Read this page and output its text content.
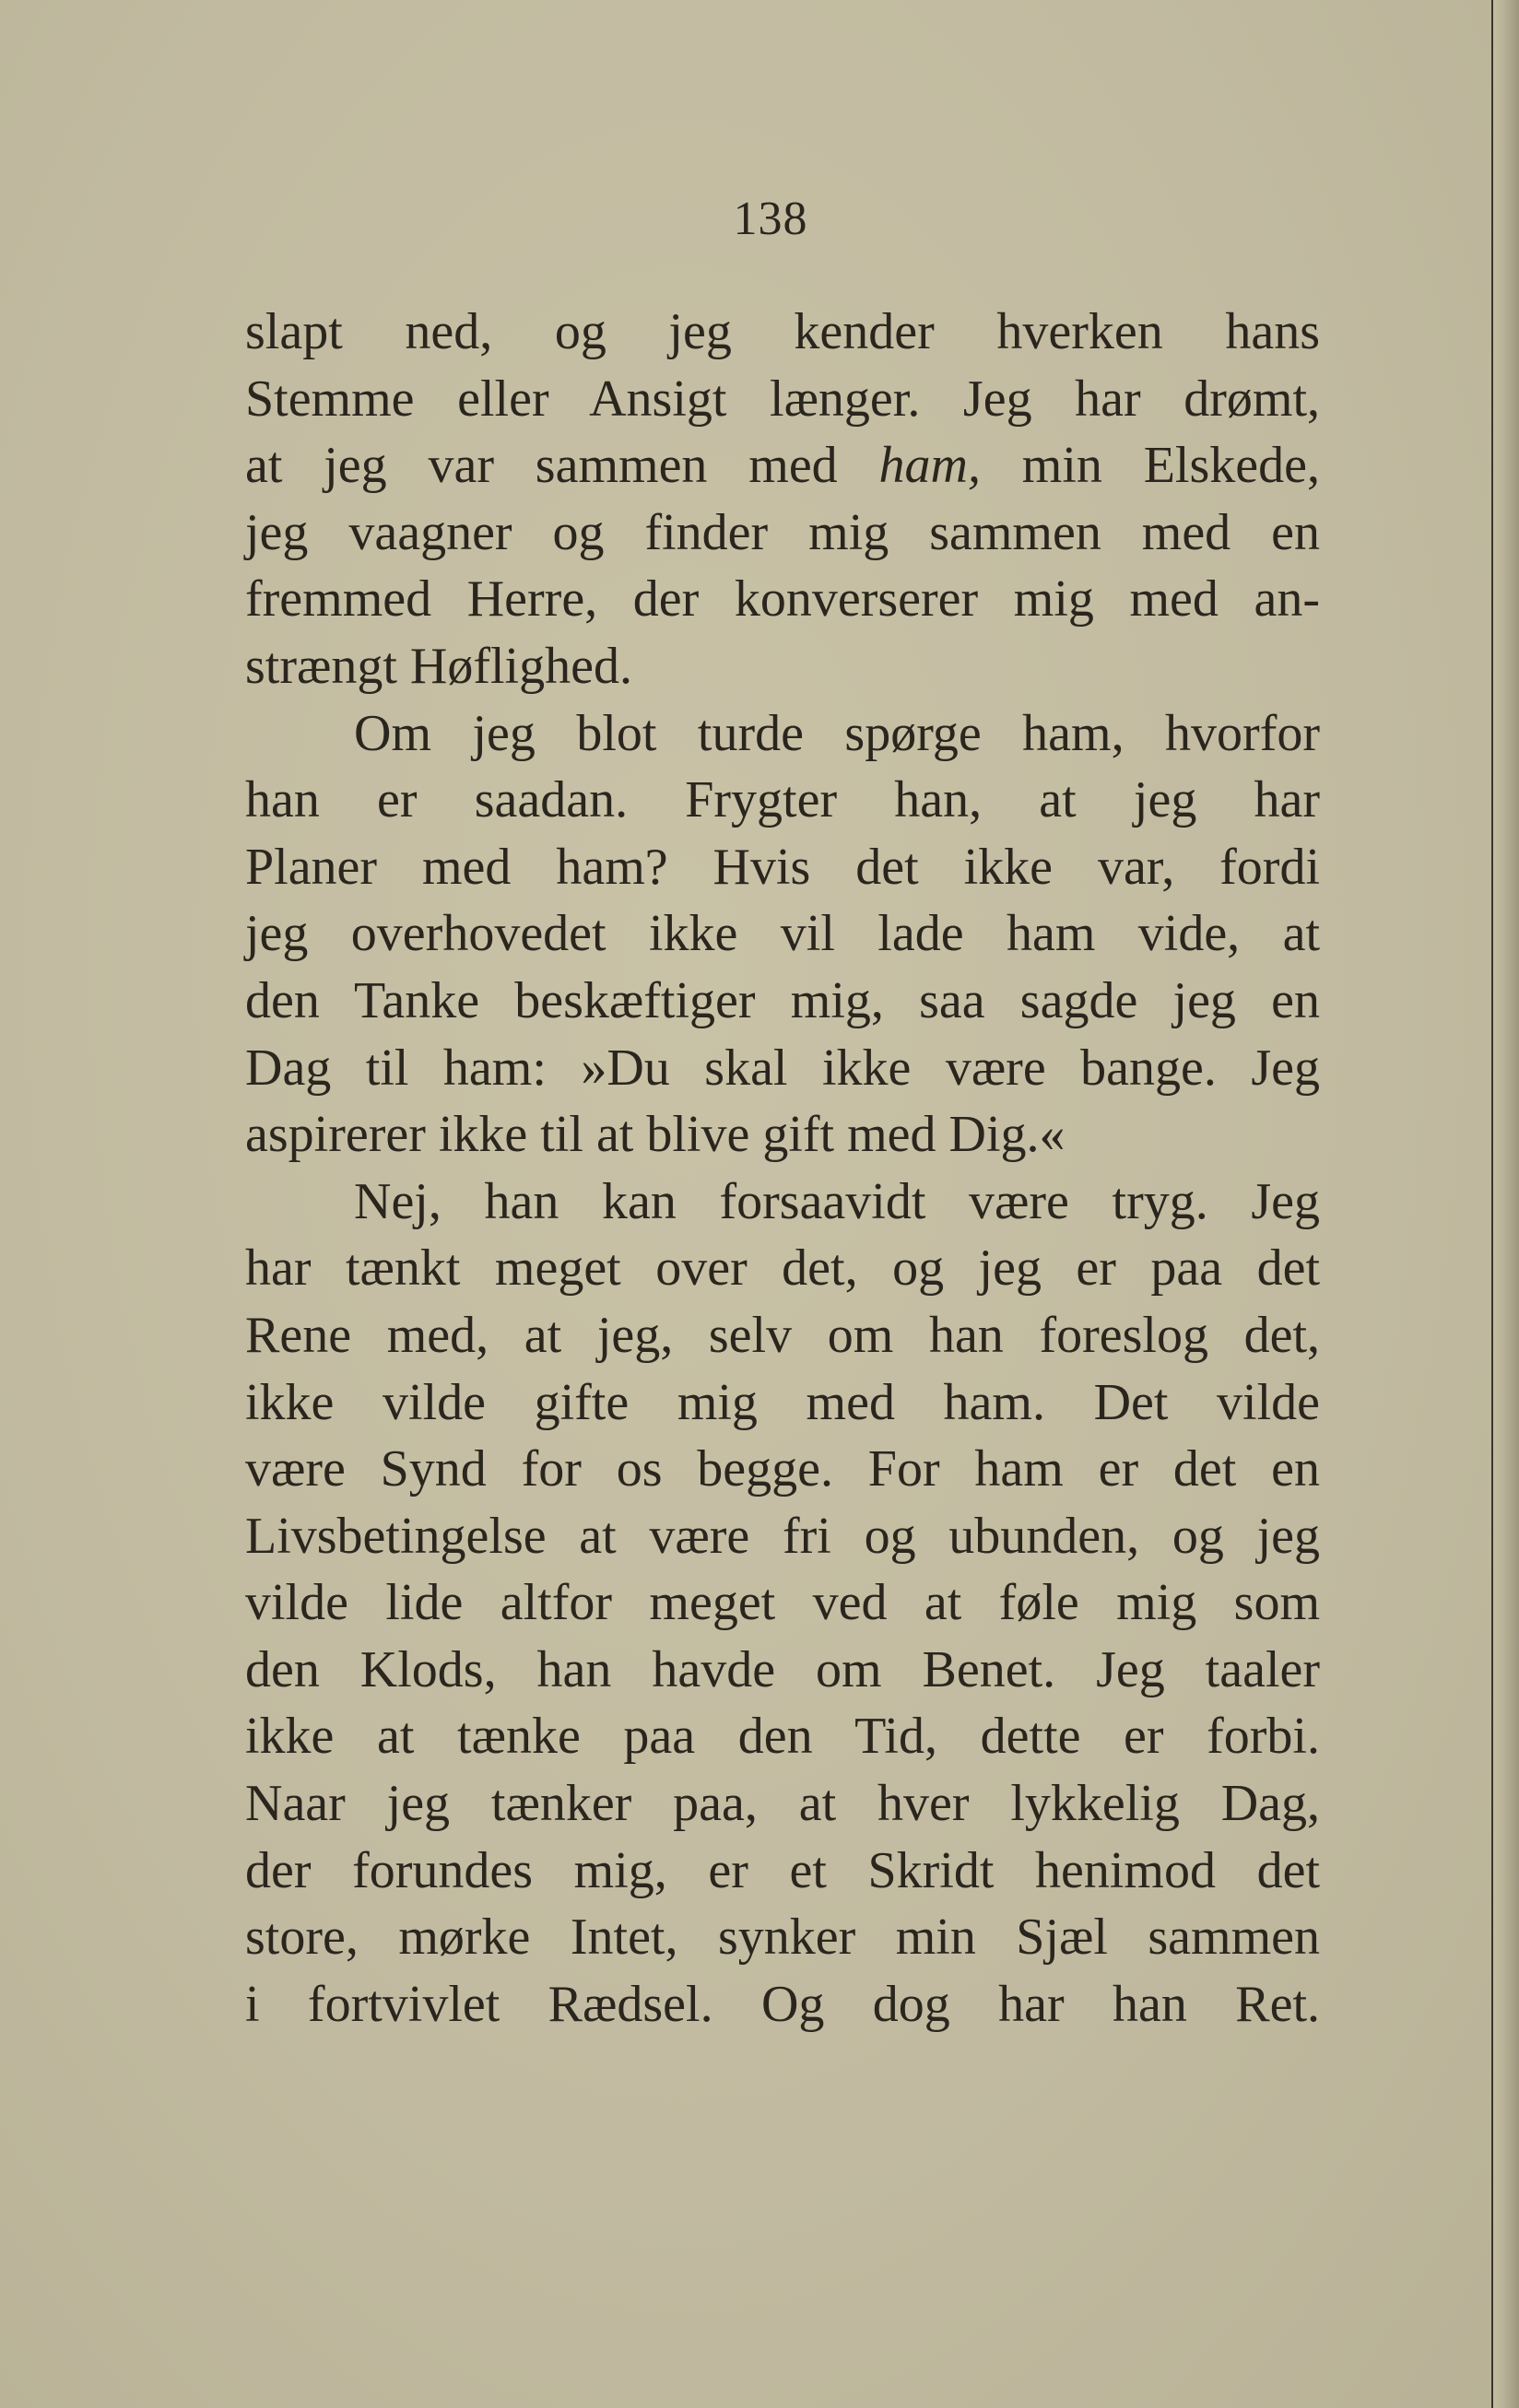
138
slapt ned, og jeg kender hverken hans
Stemme eller Ansigt længer. Jeg har drømt,
at jeg var sammen med ham, min Elskede,
jeg vaagner og finder mig sammen med en
fremmed Herre, der konverserer mig med an-
strængt Høflighed.
Om jeg blot turde spørge ham, hvorfor
han er saadan. Frygter han, at jeg har
Planer med ham? Hvis det ikke var, fordi
jeg overhovedet ikke vil lade ham vide, at
den Tanke beskæftiger mig, saa sagde jeg en
Dag til ham: »Du skal ikke være bange. Jeg
aspirerer ikke til at blive gift med Dig.«
Nej, han kan forsaavidt være tryg. Jeg
har tænkt meget over det, og jeg er paa det
Rene med, at jeg, selv om han foreslog det,
ikke vilde gifte mig med ham. Det vilde
være Synd for os begge. For ham er det en
Livsbetingelse at være fri og ubunden, og jeg
vilde lide altfor meget ved at føle mig som
den Klods, han havde om Benet. Jeg taaler
ikke at tænke paa den Tid, dette er forbi.
Naar jeg tænker paa, at hver lykkelig Dag,
der forundes mig, er et Skridt henimod det
store, mørke Intet, synker min Sjæl sammen
i fortvivlet Rædsel. Og dog har han Ret.
